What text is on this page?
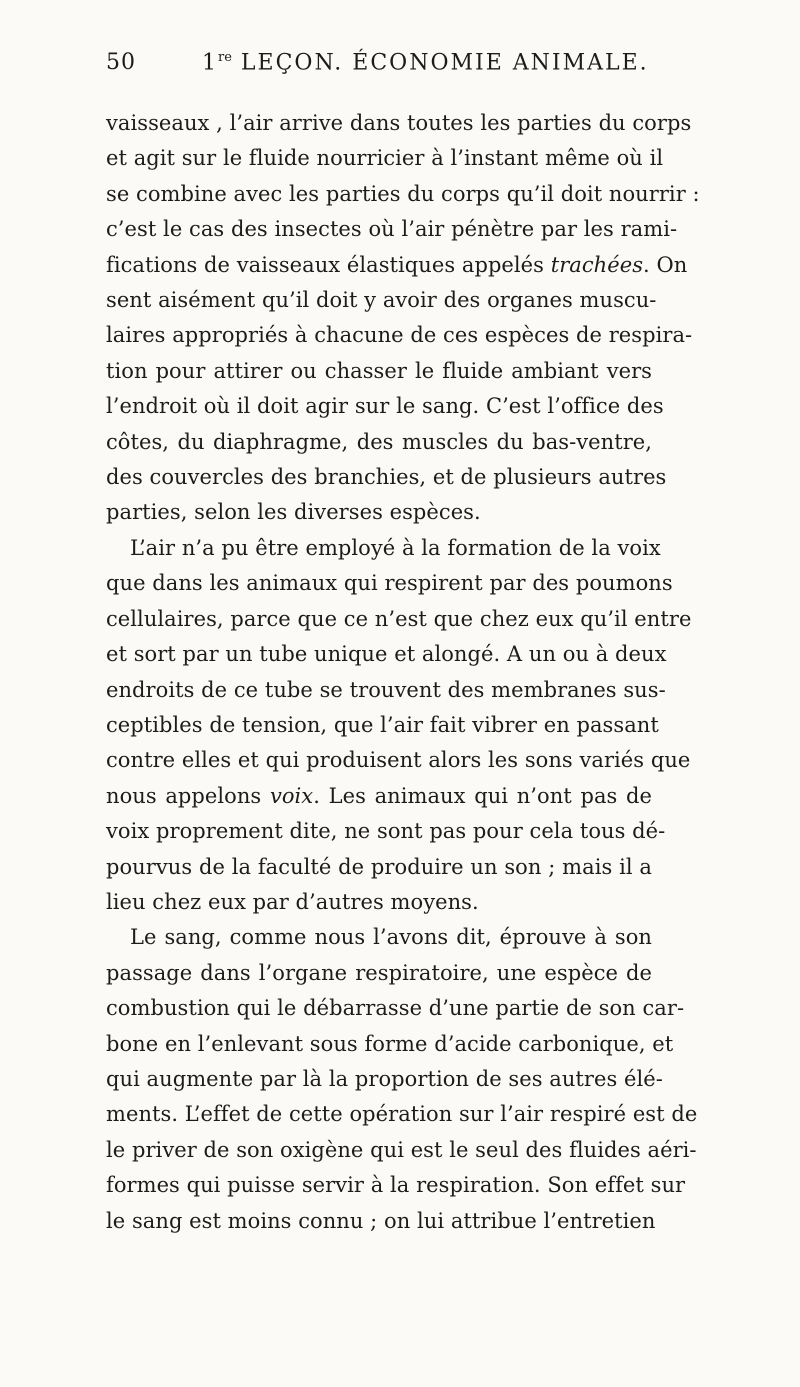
50	1re LEÇON. ÉCONOMIE ANIMALE.
vaisseaux , l’air arrive dans toutes les parties du corps
et agit sur le fluide nourricier à l’instant même où il
se combine avec les parties du corps qu’il doit nourrir :
c’est le cas des insectes où l’air pénètre par les rami-
fications de vaisseaux élastiques appelés trachées. On
sent aisément qu’il doit y avoir des organes muscu-
laires appropriés à chacune de ces espèces de respira-
tion pour attirer ou chasser le fluide ambiant vers
l’endroit où il doit agir sur le sang. C’est l’office des
côtes, du diaphragme, des muscles du bas-ventre,
des couvercles des branchies, et de plusieurs autres
parties, selon les diverses espèces.
L’air n’a pu être employé à la formation de la voix
que dans les animaux qui respirent par des poumons
cellulaires, parce que ce n’est que chez eux qu’il entre
et sort par un tube unique et alongé. A un ou à deux
endroits de ce tube se trouvent des membranes sus-
ceptibles de tension, que l’air fait vibrer en passant
contre elles et qui produisent alors les sons variés que
nous appelons voix. Les animaux qui n’ont pas de
voix proprement dite, ne sont pas pour cela tous dé-
pourvus de la faculté de produire un son ; mais il a
lieu chez eux par d’autres moyens.
Le sang, comme nous l’avons dit, éprouve à son
passage dans l’organe respiratoire, une espèce de
combustion qui le débarrasse d’une partie de son car-
bone en l’enlevant sous forme d’acide carbonique, et
qui augmente par là la proportion de ses autres élé-
ments. L’effet de cette opération sur l’air respiré est de
le priver de son oxigène qui est le seul des fluides aéri-
formes qui puisse servir à la respiration. Son effet sur
le sang est moins connu ; on lui attribue l’entretien
